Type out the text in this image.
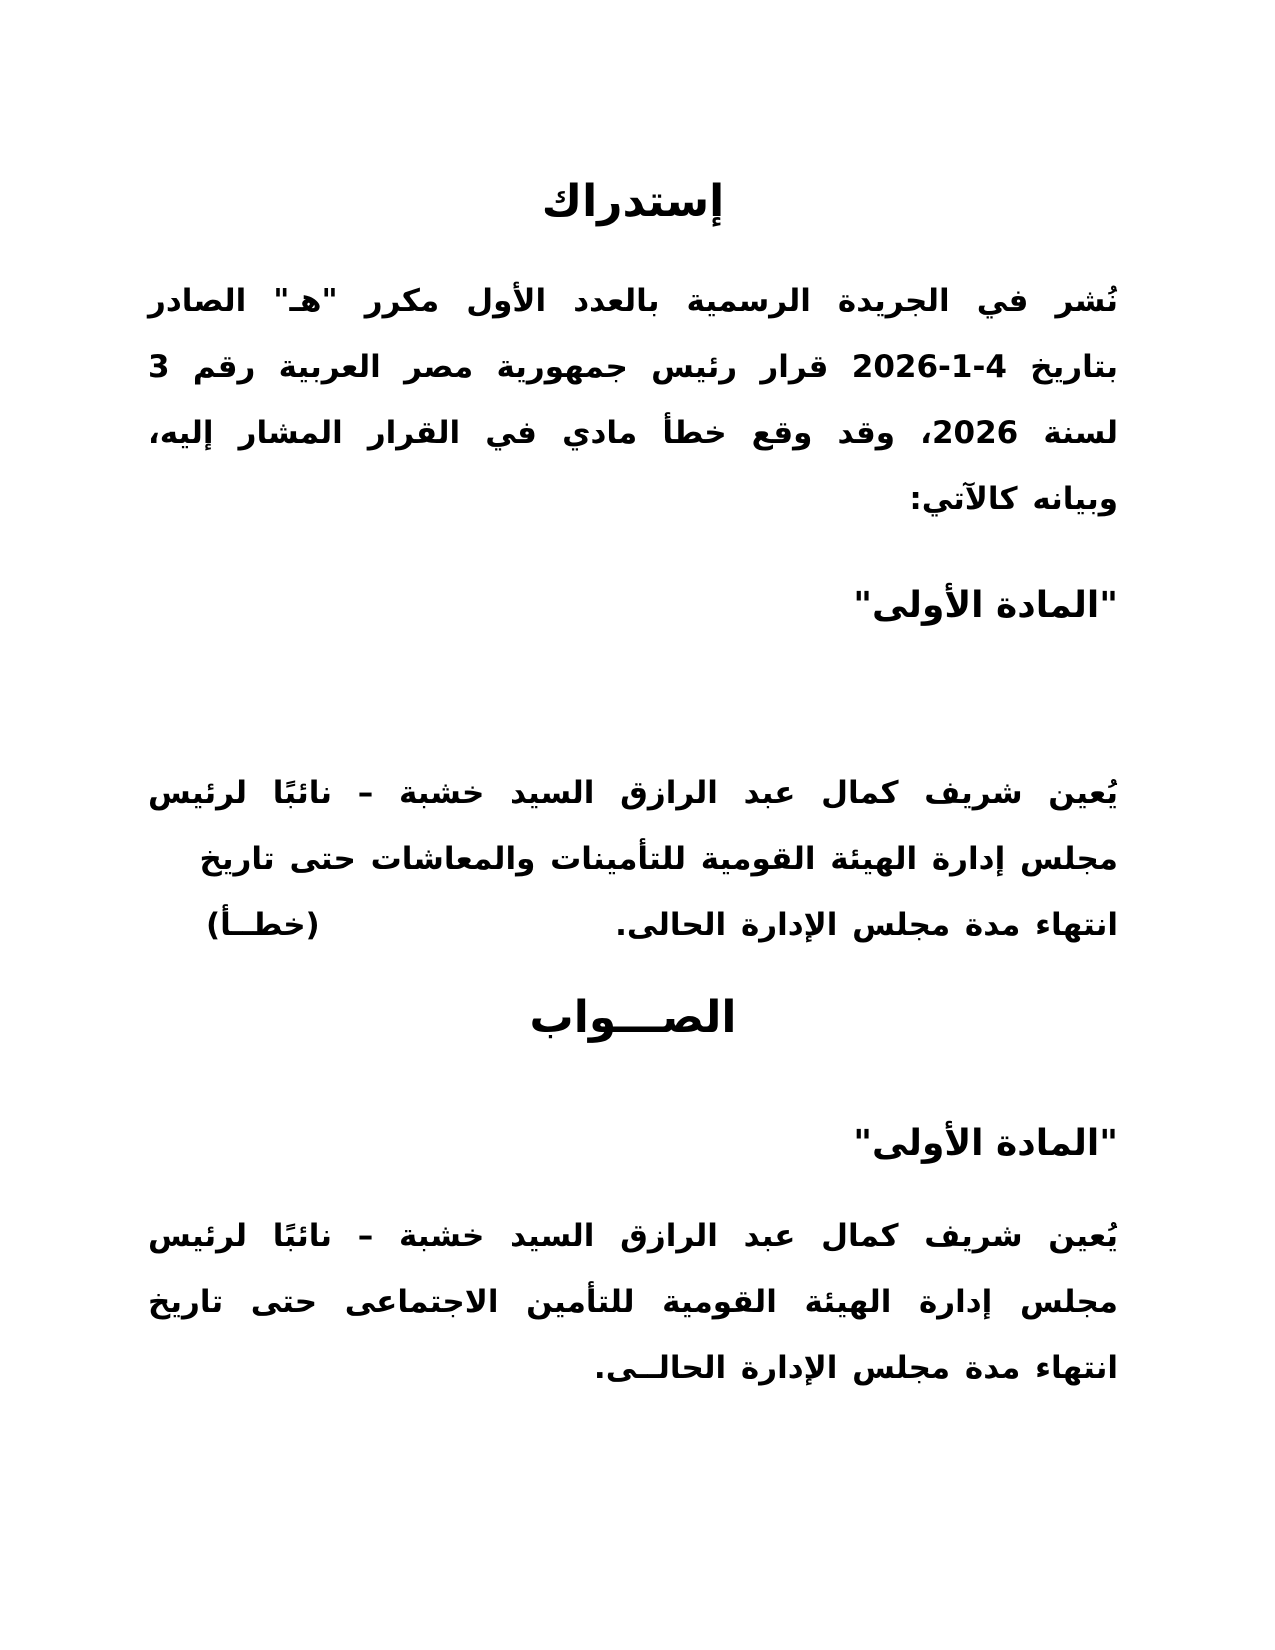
إستدراك

نُشر في الجريدة الرسمية بالعدد الأول مكرر "هـ" الصادر بتاريخ 2026-1-4 قرار رئيس جمهورية مصر العربية رقم 3 لسنة 2026، وقد وقع خطأ مادي في القرار المشار إليه، وبيانه كالآتي:

"المادة الأولى"

يُعين شريف كمال عبد الرازق السيد خشبة – نائبًا لرئيس مجلس إدارة الهيئة القومية للتأمينات والمعاشات حتى تاريخ
انتهاء مدة مجلس الإدارة الحالى.
(خطــأ)

الصـــواب
"المادة الأولى"

يُعين شريف كمال عبد الرازق السيد خشبة – نائبًا لرئيس مجلس إدارة الهيئة القومية للتأمين الاجتماعى حتى تاريخ انتهاء مدة مجلس الإدارة الحالــى.
